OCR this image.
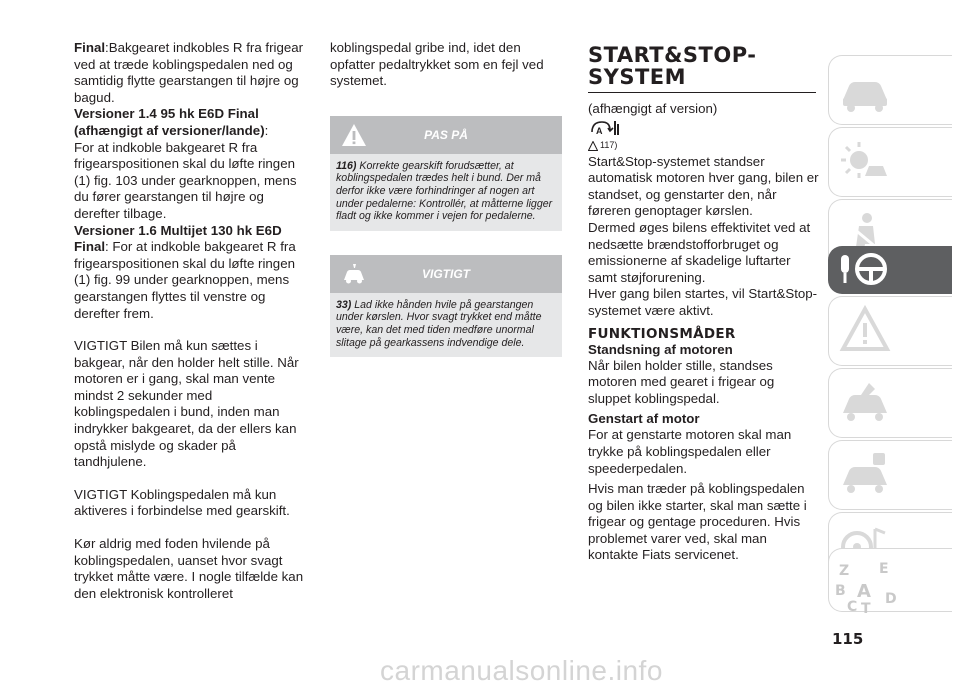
Final:Bakgearet indkobles R fra frigear ved at træde koblingspedalen ned og samtidig flytte gearstangen til højre og bagud.

Versioner 1.4 95 hk E6D Final (afhængigt af versioner/lande):

For at indkoble bakgearet R fra frigearspositionen skal du løfte ringen (1) fig. 103 under gearknoppen, mens du fører gearstangen til højre og derefter tilbage.

Versioner 1.6 Multijet 130 hk E6D Final: For at indkoble bakgearet R fra frigearspositionen skal du løfte ringen (1) fig. 99 under gearknoppen, mens gearstangen flyttes til venstre og derefter frem.

VIGTIGT Bilen må kun sættes i bakgear, når den holder helt stille. Når motoren er i gang, skal man vente mindst 2 sekunder med koblingspedalen i bund, inden man indrykker bakgearet, da der ellers kan opstå mislyde og skader på tandhjulene.

VIGTIGT Koblingspedalen må kun aktiveres i forbindelse med gearskift.

Kør aldrig med foden hvilende på koblingspedalen, uanset hvor svagt trykket måtte være. I nogle tilfælde kan den elektronisk kontrolleret

koblingspedal gribe ind, idet den opfatter pedaltrykket som en fejl ved systemet.

PAS PÅ
116) Korrekte gearskift forudsætter, at koblingspedalen trædes helt i bund. Der må derfor ikke være forhindringer af nogen art under pedalerne: Kontrollér, at måtterne ligger fladt og ikke kommer i vejen for pedalerne.
VIGTIGT
33) Lad ikke hånden hvile på gearstangen under kørslen. Hvor svagt trykket end måtte være, kan det med tiden medføre unormal slitage på gearkassens indvendige dele.
START&STOP-
SYSTEM

(afhængigt af version)

A
117)

Start&Stop-systemet standser automatisk motoren hver gang, bilen er standset, og genstarter den, når føreren genoptager kørslen.

Dermed øges bilens effektivitet ved at nedsætte brændstofforbruget og emissionerne af skadelige luftarter samt støjforurening.

Hver gang bilen startes, vil Start&Stop-systemet være aktivt.

FUNKTIONSMÅDER
Standsning af motoren

Når bilen holder stille, standses motoren med gearet i frigear og sluppet koblingspedal.

Genstart af motor

For at genstarte motoren skal man trykke på koblingspedalen eller speederpedalen.

Hvis man træder på koblingspedalen og bilen ikke starter, skal man sætte i frigear og gentage proceduren. Hvis problemet varer ved, skal man kontakte Fiats servicenet.

Z E
B A
C T
D
115
carmanualsonline.info
